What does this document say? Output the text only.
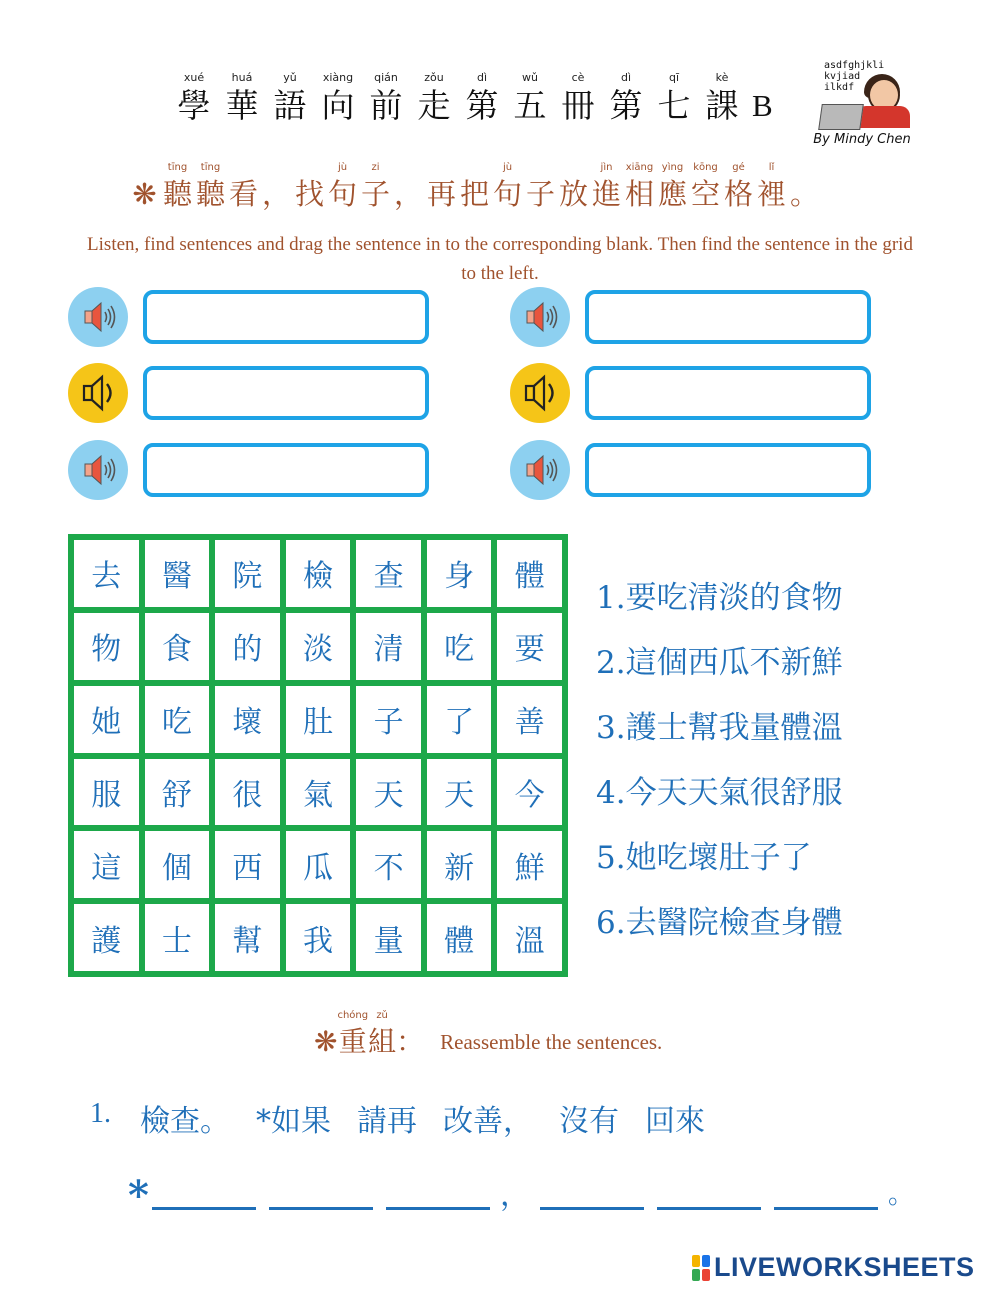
xué
學
huá
華
yǔ
語
xiàng
向
qián
前
zǒu
走
dì
第
wǔ
五
cè
冊
dì
第
qī
七
kè
課 B
asdfghjkli
kvjiad
ilkdf
By Mindy Chen
❋
tīng
聽
tīng
聽 看 ， 找
jù
句
zi
子 ， 再 把
jù
句 子 放
jìn
進
xiāng
相
yìng
應
kōng
空
gé
格
lǐ
裡 。
Listen, find sentences and drag the sentence in to the corresponding blank. Then find the sentence in the grid to the left.
去	醫	院	檢	查	身	體
物	食	的	淡	清	吃	要
她	吃	壞	肚	子	了	善
服	舒	很	氣	天	天	今
這	個	西	瓜	不	新	鮮
護	士	幫	我	量	體	溫
1.要吃清淡的食物
2.這個西瓜不新鮮
3.護士幫我量體溫
4.今天天氣很舒服
5.她吃壞肚子了
6.去醫院檢查身體
❋
chóng
重
zǔ
組 ： Reassemble the sentences.
1. 檢查。 *如果 請再 改善， 沒有 回來
*	，	。
LIVEWORKSHEETS
